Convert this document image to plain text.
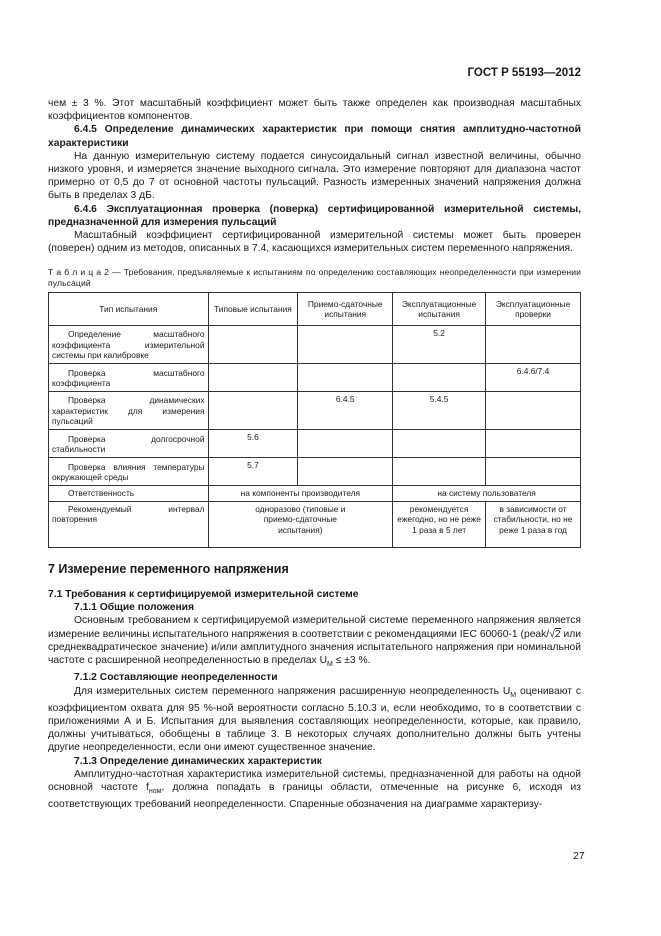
ГОСТ Р 55193—2012

чем ± 3 %. Этот масштабный коэффициент может быть также определен как производная масштабных коэффициентов компонентов.

6.4.5 Определение динамических характеристик при помощи снятия амплитудно-частотной характеристики

На данную измерительную систему подается синусоидальный сигнал известной величины, обычно низкого уровня, и измеряется значение выходного сигнала. Это измерение повторяют для диапазона частот примерно от 0,5 до 7 от основной частоты пульсаций. Разность измеренных значений напряжения должна быть в пределах 3 дБ.

6.4.6 Эксплуатационная проверка (поверка) сертифицированной измерительной системы, предназначенной для измерения пульсаций

Масштабный коэффициент сертифицированной измерительной системы может быть проверен (поверен) одним из методов, описанных в 7.4, касающихся измерительных систем переменного напряжения.

Т а б л и ц а 2 — Требования, предъявляемые к испытаниям по определению составляющих неопределенности при измерении пульсаций

Тип испытания	Типовые испытания	Приемо-сдаточные испытания	Эксплуатационные испытания	Эксплуатационные проверки
Определение масштабного коэффициента измерительной системы при калибровке			5.2	
Проверка масштабного коэффициента				6.4.6/7.4
Проверка динамических характеристик для измерения пульсаций		6.4.5	5.4.5	
Проверка долгосрочной стабильности	5.6			
Проверка влияния температуры окружающей среды	5.7			
Ответственность	на компоненты производителя		на систему пользователя	
Рекомендуемый интервал повторения	одноразово (типовые и приемо-сдаточные испытания)		рекомендуется ежегодно, но не реже 1 раза в 5 лет	в зависимости от стабильности, но не реже 1 раза в год

7 Измерение переменного напряжения

7.1 Требования к сертифицируемой измерительной системе

7.1.1 Общие положения

Основным требованием к сертифицируемой измерительной системе переменного напряжения является измерение величины испытательного напряжения в соответствии с рекомендациями IEC 60060-1 (peak/√2 или среднеквадратическое значение) и/или амплитудного значения испытательного напряжения при номинальной частоте с расширенной неопределенностью в пределах $U_M \le \pm 3$ %.

7.1.2 Составляющие неопределенности

Для измерительных систем переменного напряжения расширенную неопределенность $U_M$ оценивают с коэффициентом охвата для 95 %-ной вероятности согласно 5.10.3 и, если необходимо, то в соответствии с приложениями А и Б. Испытания для выявления составляющих неопределенности, которые, как правило, должны учитываться, обобщены в таблице 3. В некоторых случаях дополнительно должны быть учтены другие неопределенности, если они имеют существенное значение.

7.1.3 Определение динамических характеристик

Амплитудно-частотная характеристика измерительной системы, предназначенной для работы на одной основной частоте $f_{ном}$, должна попадать в границы области, отмеченные на рисунке 6, исходя из соответствующих требований неопределенности. Спаренные обозначения на диаграмме характеризу-

27
